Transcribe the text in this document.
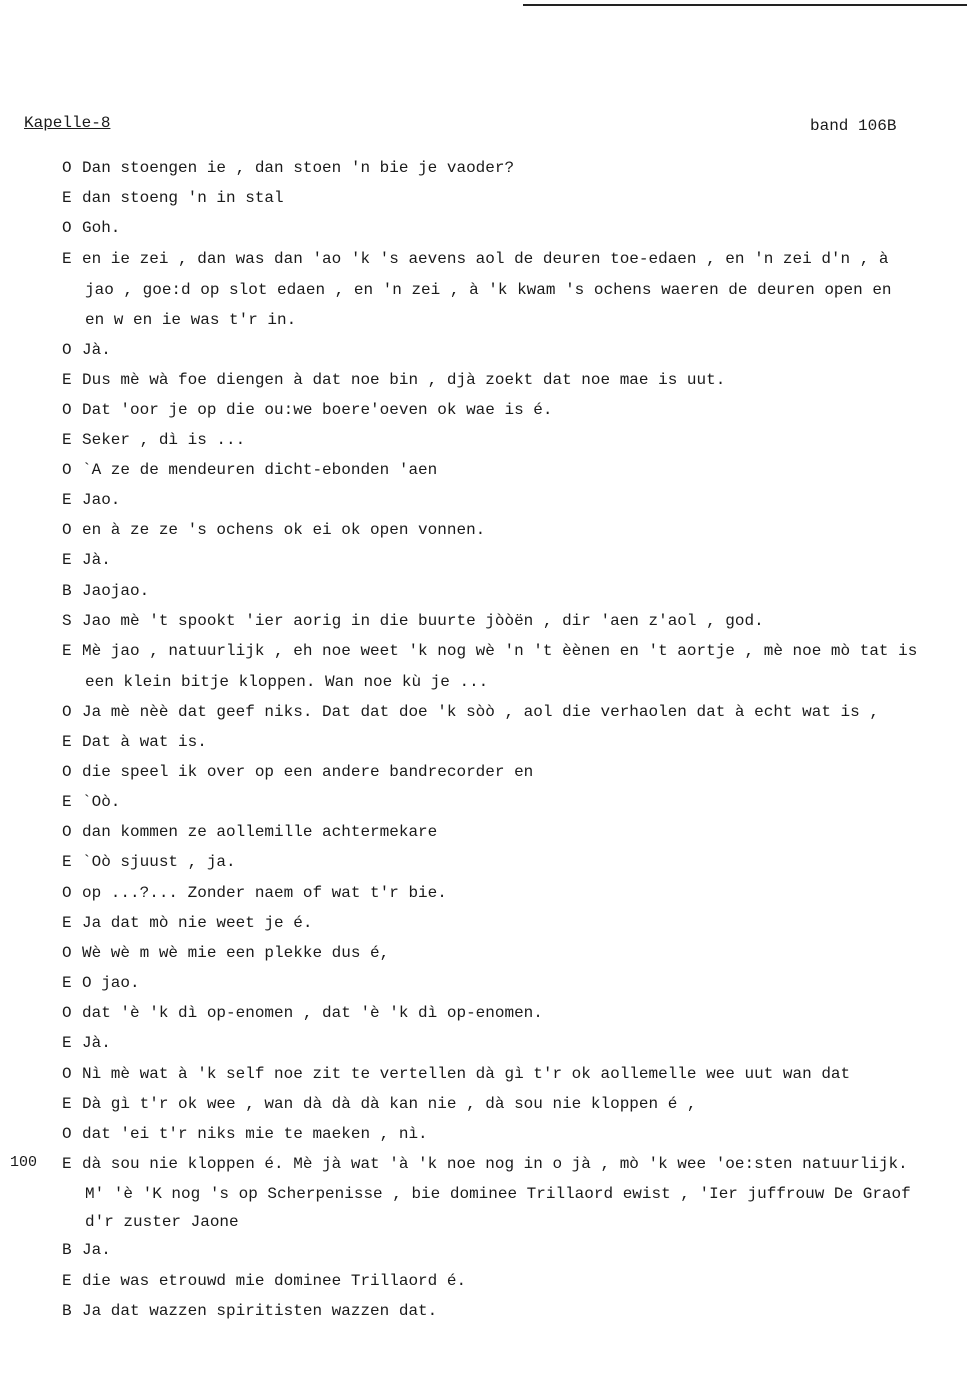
Kapelle-8	band 106B
100
O Dan stoengen ie , dan stoen 'n bie je vaoder?
E dan stoeng 'n in stal
O Goh.
E en ie zei , dan was dan 'ao 'k 's aevens aol de deuren toe-edaen , en 'n zei d'n , à
jao , goe:d op slot edaen , en 'n zei , à 'k kwam 's ochens waeren de deuren open en
en w en ie was t'r in.
O Jà.
E Dus mè wà foe diengen à dat noe bin , djà zoekt dat noe mae is uut.
O Dat 'oor je op die ou:we boere'oeven ok wae is é.
E Seker , dì is ...
O `A ze de mendeuren dicht-ebonden 'aen
E Jao.
O en à ze ze 's ochens ok ei ok open vonnen.
E Jà.
B Jaojao.
S Jao mè 't spookt 'ier aorig in die buurte jòòën , dir 'aen z'aol , god.
E Mè jao , natuurlijk , eh noe weet 'k nog wè 'n 't èènen en 't aortje , mè noe mò tat is
een klein bitje kloppen. Wan noe kù je ...
O Ja mè nèè dat geef niks. Dat dat doe 'k sòò , aol die verhaolen dat à echt wat is ,
E Dat à wat is.
O die speel ik over op een andere bandrecorder en
E `Oò.
O dan kommen ze aollemille achtermekare
E `Oò sjuust , ja.
O op ...?... Zonder naem of wat t'r bie.
E Ja dat mò nie weet je é.
O Wè wè m wè mie een plekke dus é,
E O jao.
O dat 'è 'k dì op-enomen , dat 'è 'k dì op-enomen.
E Jà.
O Nì mè wat à 'k self noe zit te vertellen dà gì t'r ok aollemelle wee uut wan dat
E Dà gì t'r ok wee , wan dà dà dà kan nie , dà sou nie kloppen é ,
O dat 'ei t'r niks mie te maeken , nì.
E dà sou nie kloppen é. Mè jà wat 'à 'k noe nog in o jà , mò 'k wee 'oe:sten natuurlijk.
M' 'è 'K nog 's op Scherpenisse , bie dominee Trillaord ewist , 'Ier juffrouw De Graof
d'r zuster Jaone
B Ja.
E die was etrouwd mie dominee Trillaord é.
B Ja dat wazzen spiritisten wazzen dat.
